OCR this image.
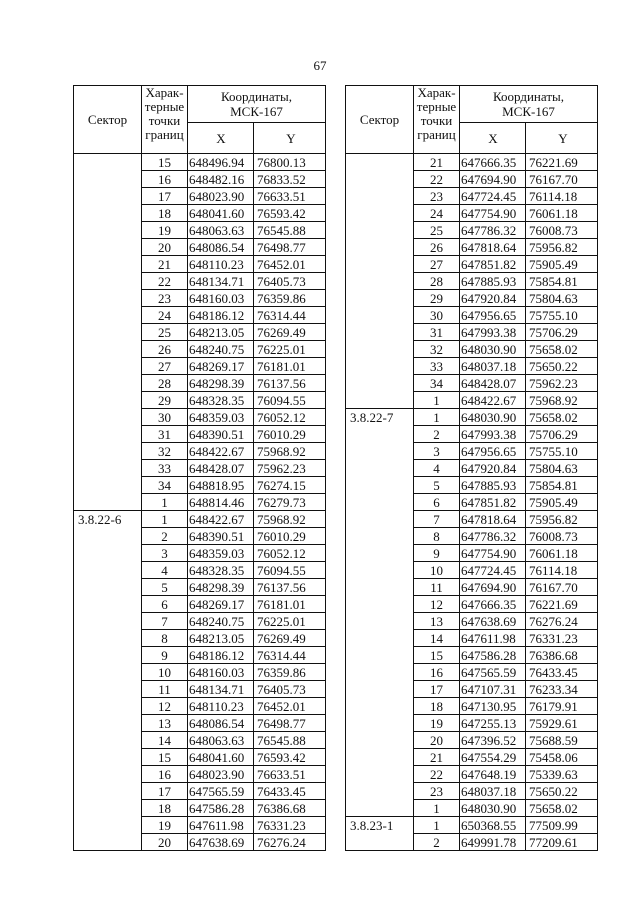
67
Сектор	Харак-
терные
точки
границ	Координаты,
МСК-167	
		X	Y

	15	648496.94	76800.13
	16	648482.16	76833.52
	17	648023.90	76633.51
	18	648041.60	76593.42
	19	648063.63	76545.88
	20	648086.54	76498.77
	21	648110.23	76452.01
	22	648134.71	76405.73
	23	648160.03	76359.86
	24	648186.12	76314.44
	25	648213.05	76269.49
	26	648240.75	76225.01
	27	648269.17	76181.01
	28	648298.39	76137.56
	29	648328.35	76094.55
	30	648359.03	76052.12
	31	648390.51	76010.29
	32	648422.67	75968.92
	33	648428.07	75962.23
	34	648818.95	76274.15
	1	648814.46	76279.73

3.8.22-6	1	648422.67	75968.92
	2	648390.51	76010.29
	3	648359.03	76052.12
	4	648328.35	76094.55
	5	648298.39	76137.56
	6	648269.17	76181.01
	7	648240.75	76225.01
	8	648213.05	76269.49
	9	648186.12	76314.44
	10	648160.03	76359.86
	11	648134.71	76405.73
	12	648110.23	76452.01
	13	648086.54	76498.77
	14	648063.63	76545.88
	15	648041.60	76593.42
	16	648023.90	76633.51
	17	647565.59	76433.45
	18	647586.28	76386.68
	19	647611.98	76331.23
	20	647638.69	76276.24
Сектор	Харак-
терные
точки
границ	Координаты,
МСК-167	
		X	Y

	21	647666.35	76221.69
	22	647694.90	76167.70
	23	647724.45	76114.18
	24	647754.90	76061.18
	25	647786.32	76008.73
	26	647818.64	75956.82
	27	647851.82	75905.49
	28	647885.93	75854.81
	29	647920.84	75804.63
	30	647956.65	75755.10
	31	647993.38	75706.29
	32	648030.90	75658.02
	33	648037.18	75650.22
	34	648428.07	75962.23
	1	648422.67	75968.92

3.8.22-7	1	648030.90	75658.02
	2	647993.38	75706.29
	3	647956.65	75755.10
	4	647920.84	75804.63
	5	647885.93	75854.81
	6	647851.82	75905.49
	7	647818.64	75956.82
	8	647786.32	76008.73
	9	647754.90	76061.18
	10	647724.45	76114.18
	11	647694.90	76167.70
	12	647666.35	76221.69
	13	647638.69	76276.24
	14	647611.98	76331.23
	15	647586.28	76386.68
	16	647565.59	76433.45
	17	647107.31	76233.34
	18	647130.95	76179.91
	19	647255.13	75929.61
	20	647396.52	75688.59
	21	647554.29	75458.06
	22	647648.19	75339.63
	23	648037.18	75650.22
	1	648030.90	75658.02

3.8.23-1	1	650368.55	77509.99
	2	649991.78	77209.61
